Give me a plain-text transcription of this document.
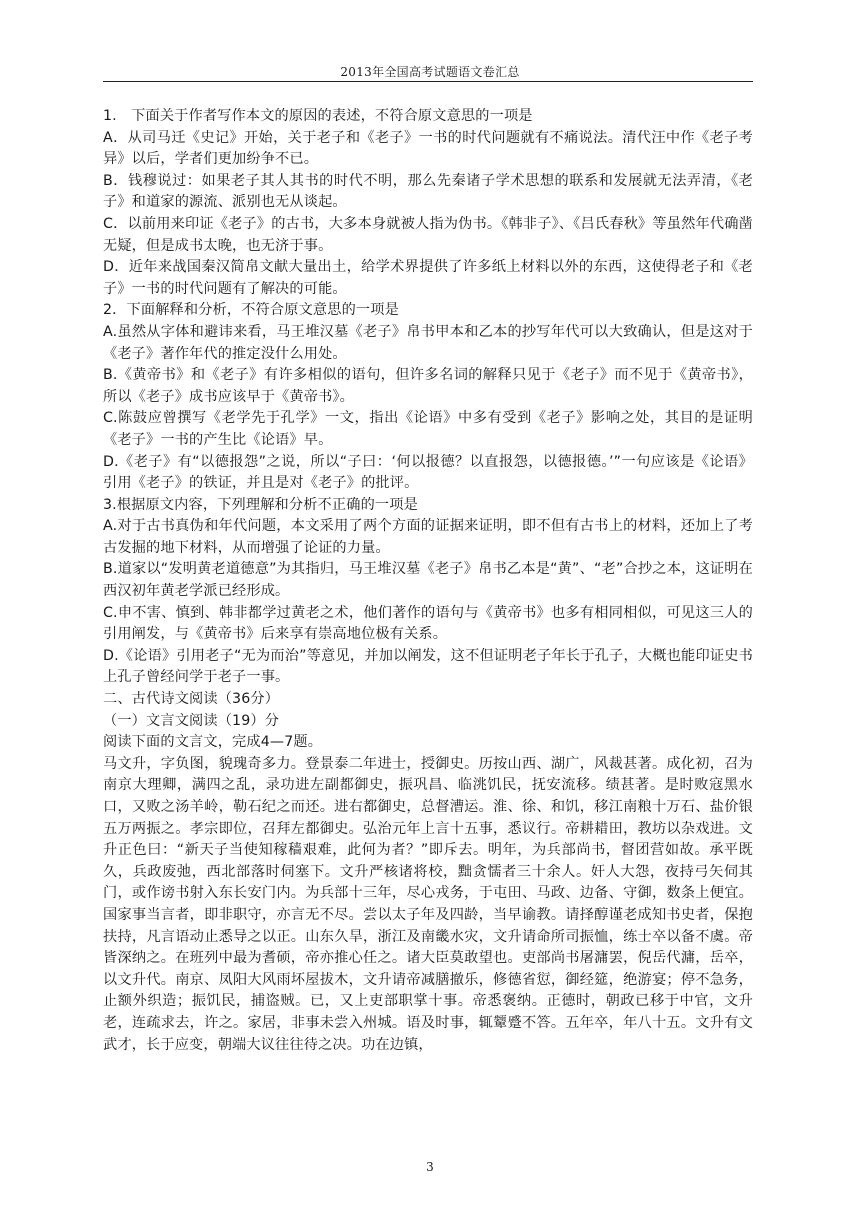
2013年全国高考试题语文卷汇总

1.　下面关于作者写作本文的原因的表述，不符合原文意思的一项是

A．从司马迁《史记》开始，关于老子和《老子》一书的时代问题就有不痛说法。清代汪中作《老子考异》以后，学者们更加纷争不已。

B．钱穆说过：如果老子其人其书的时代不明，那么先秦诸子学术思想的联系和发展就无法弄清，《老子》和道家的源流、派别也无从谈起。

C．以前用来印证《老子》的古书，大多本身就被人指为伪书。《韩非子》、《吕氏春秋》等虽然年代确凿无疑，但是成书太晚，也无济于事。

D．近年来战国秦汉简帛文献大量出土，给学术界提供了许多纸上材料以外的东西，这使得老子和《老子》一书的时代问题有了解决的可能。

2．下面解释和分析，不符合原文意思的一项是

A.虽然从字体和避讳来看，马王堆汉墓《老子》帛书甲本和乙本的抄写年代可以大致确认，但是这对于《老子》著作年代的推定没什么用处。

B.《黄帝书》和《老子》有许多相似的语句，但许多名词的解释只见于《老子》而不见于《黄帝书》，所以《老子》成书应该早于《黄帝书》。

C.陈鼓应曾撰写《老学先于孔学》一文，指出《论语》中多有受到《老子》影响之处，其目的是证明《老子》一书的产生比《论语》早。

D.《老子》有“以德报怨”之说，所以“子曰：‘何以报德？以直报怨，以德报德。’”一句应该是《论语》引用《老子》的铁证，并且是对《老子》的批评。

3.根据原文内容，下列理解和分析不正确的一项是

A.对于古书真伪和年代问题，本文采用了两个方面的证据来证明，即不但有古书上的材料，还加上了考古发掘的地下材料，从而增强了论证的力量。

B.道家以“发明黄老道德意”为其指归，马王堆汉墓《老子》帛书乙本是“黄”、“老”合抄之本，这证明在西汉初年黄老学派已经形成。

C.申不害、慎到、韩非都学过黄老之术，他们著作的语句与《黄帝书》也多有相同相似，可见这三人的引用阐发，与《黄帝书》后来享有崇高地位极有关系。

D.《论语》引用老子“无为而治”等意见，并加以阐发，这不但证明老子年长于孔子，大概也能印证史书上孔子曾经问学于老子一事。

二、古代诗文阅读（36分）

（一）文言文阅读（19）分

阅读下面的文言文，完成4—7题。

马文升，字负图，貌瑰奇多力。登景泰二年进士，授御史。历按山西、湖广，风裁甚著。成化初，召为南京大理卿，满四之乱，录功进左副都御史，振巩昌、临洮饥民，抚安流移。绩甚著。是时败寇黑水口，又败之汤羊岭，勒石纪之而还。进右都御史，总督漕运。淮、徐、和饥，移江南粮十万石、盐价银五万两振之。孝宗即位，召拜左都御史。弘治元年上言十五事，悉议行。帝耕耤田，教坊以杂戏进。文升正色曰：“新天子当使知稼穑艰难，此何为者？”即斥去。明年，为兵部尚书，督团营如故。承平既久，兵政废弛，西北部落时伺塞下。文升严核诸将校，黜贪懦者三十余人。奸人大怨，夜持弓矢伺其门，或作谤书射入东长安门内。为兵部十三年，尽心戎务，于屯田、马政、边备、守御，数条上便宜。国家事当言者，即非职守，亦言无不尽。尝以太子年及四龄，当早谕教。请择醇谨老成知书史者，保抱扶持，凡言语动止悉导之以正。山东久旱，浙江及南畿水灾，文升请命所司振恤，练士卒以备不虞。帝皆深纳之。在班列中最为耆硕，帝亦推心任之。诸大臣莫敢望也。吏部尚书屠滽罢，倪岳代滽，岳卒，以文升代。南京、凤阳大风雨坏屋拔木，文升请帝减膳撤乐，修德省愆，御经筵，绝游宴；停不急务，止额外织造；振饥民，捕盗贼。已，又上吏部职掌十事。帝悉褒纳。正德时，朝政已移于中官，文升老，连疏求去，许之。家居，非事未尝入州城。语及时事，辄颦蹙不答。五年卒，年八十五。文升有文武才，长于应变，朝端大议往往待之决。功在边镇，

3
